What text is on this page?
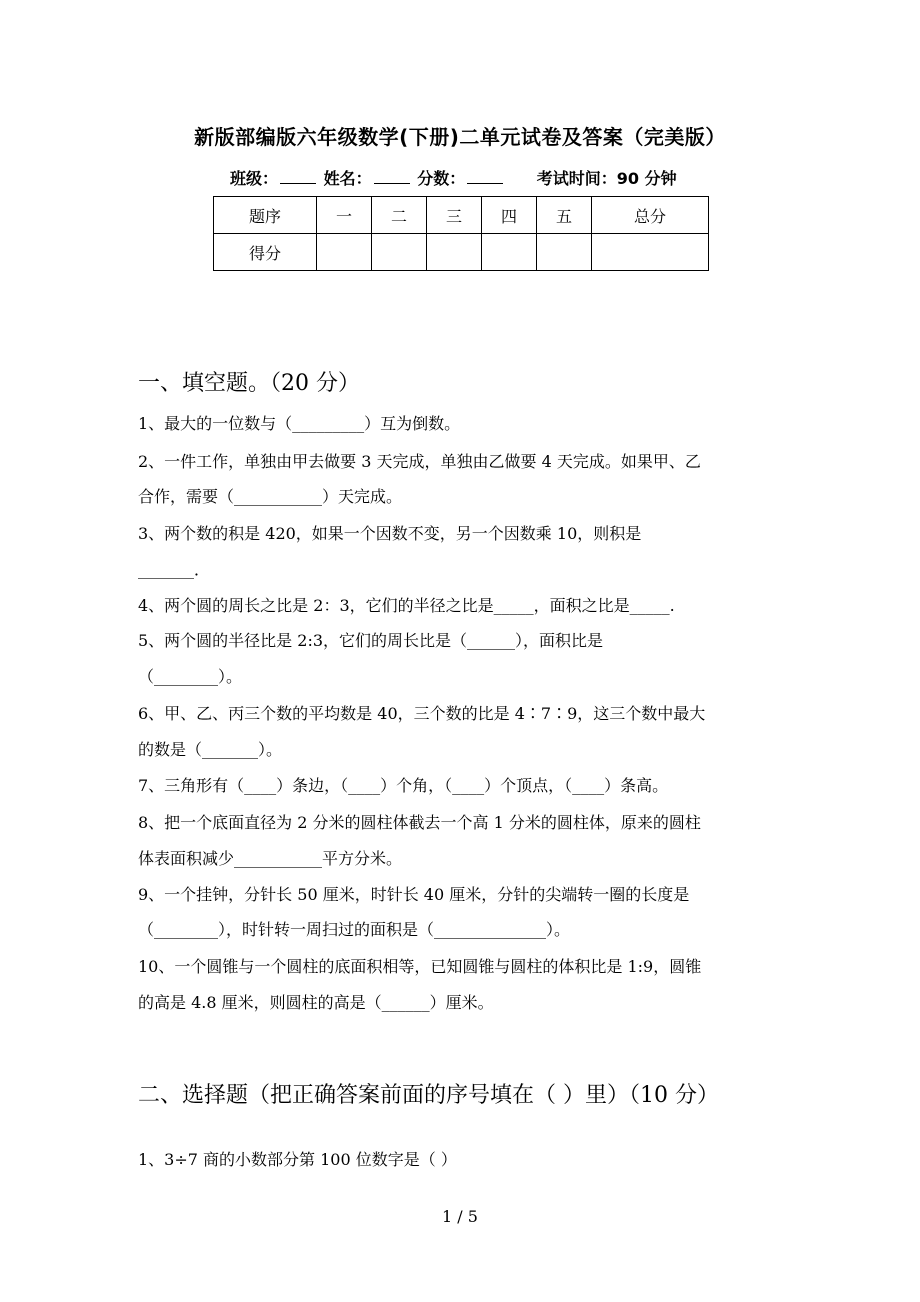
新版部编版六年级数学(下册)二单元试卷及答案（完美版）
班级：	姓名：	分数：	考试时间：90 分钟
题序	一	二	三	四	五	总分
得分						
一、填空题。（20 分）
1、最大的一位数与（_________）互为倒数。
2、一件工作，单独由甲去做要 3 天完成，单独由乙做要 4 天完成。如果甲、乙
合作，需要（___________）天完成。
3、两个数的积是 420，如果一个因数不变，另一个因数乘 10，则积是
_______．
4、两个圆的周长之比是 2：3，它们的半径之比是_____，面积之比是_____.
5、两个圆的半径比是 2:3，它们的周长比是（______），面积比是
（________）。
6、甲、乙、丙三个数的平均数是 40，三个数的比是 4∶7∶9，这三个数中最大
的数是（_______）。
7、三角形有（____）条边，（____）个角，（____）个顶点，（____）条高。
8、把一个底面直径为 2 分米的圆柱体截去一个高 1 分米的圆柱体，原来的圆柱
体表面积减少___________平方分米。
9、一个挂钟，分针长 50 厘米，时针长 40 厘米，分针的尖端转一圈的长度是
（________），时针转一周扫过的面积是（______________）。
10、一个圆锥与一个圆柱的底面积相等，已知圆锥与圆柱的体积比是 1:9，圆锥
的高是 4.8 厘米，则圆柱的高是（______）厘米。
二、选择题（把正确答案前面的序号填在（ ）里）（10 分）
1、3÷7 商的小数部分第 100 位数字是（ ）
1 / 5
